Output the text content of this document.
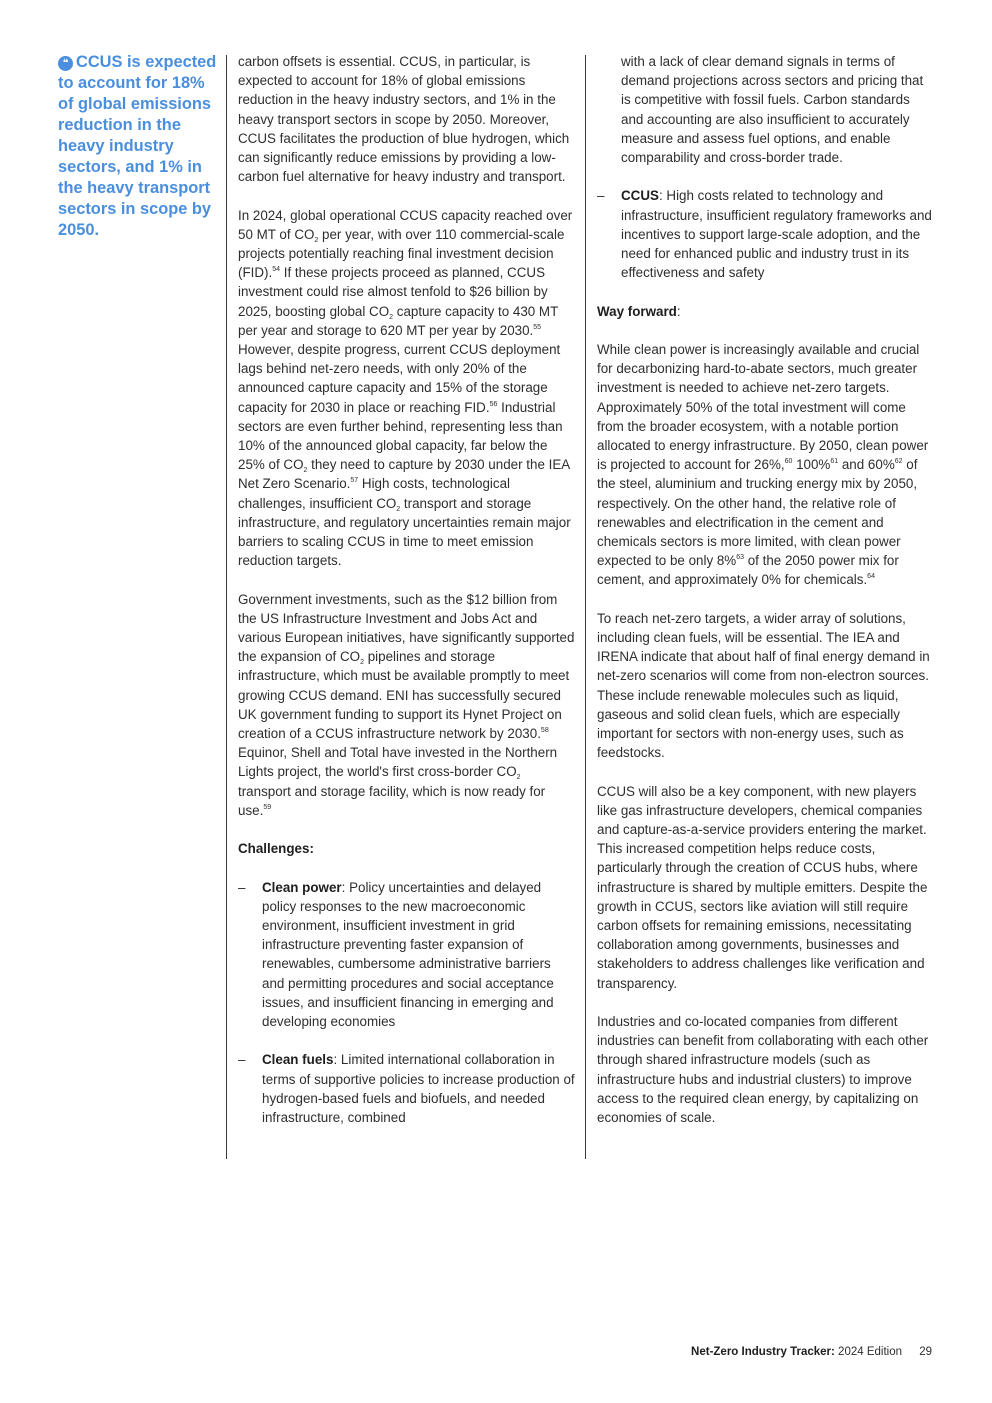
❝ CCUS is expected to account for 18% of global emissions reduction in the heavy industry sectors, and 1% in the heavy transport sectors in scope by 2050.

carbon offsets is essential. CCUS, in particular, is expected to account for 18% of global emissions reduction in the heavy industry sectors, and 1% in the heavy transport sectors in scope by 2050. Moreover, CCUS facilitates the production of blue hydrogen, which can significantly reduce emissions by providing a low-carbon fuel alternative for heavy industry and transport.

In 2024, global operational CCUS capacity reached over 50 MT of $CO_2$ per year, with over 110 commercial-scale projects potentially reaching final investment decision (FID).$^{54}$ If these projects proceed as planned, CCUS investment could rise almost tenfold to $26 billion by 2025, boosting global $CO_2$ capture capacity to 430 MT per year and storage to 620 MT per year by 2030.55 However, despite progress, current CCUS deployment lags behind net-zero needs, with only 20% of the announced capture capacity and 15% of the storage capacity for 2030 in place or reaching FID.$^{56}$ Industrial sectors are even further behind, representing less than 10% of the announced global capacity, far below the 25% of $CO_2$ they need to capture by 2030 under the IEA Net Zero Scenario.$^{57}$ High costs, technological challenges, insufficient $CO_2$ transport and storage infrastructure, and regulatory uncertainties remain major barriers to scaling CCUS in time to meet emission reduction targets.

Government investments, such as the $12 billion from the US Infrastructure Investment and Jobs Act and various European initiatives, have significantly supported the expansion of $CO_2$ pipelines and storage infrastructure, which must be available promptly to meet growing CCUS demand. ENI has successfully secured UK government funding to support its Hynet Project on creation of a CCUS infrastructure network by 2030.58 Equinor, Shell and Total have invested in the Northern Lights project, the world's first cross-border $CO_2$ transport and storage facility, which is now ready for use.$^{59}$

Challenges:

– Clean power: Policy uncertainties and delayed policy responses to the new macroeconomic environment, insufficient investment in grid infrastructure preventing faster expansion of renewables, cumbersome administrative barriers and permitting procedures and social acceptance issues, and insufficient financing in emerging and developing economies
– Clean fuels: Limited international collaboration in terms of supportive policies to increase production of hydrogen-based fuels and biofuels, and needed infrastructure, combined
with a lack of clear demand signals in terms of demand projections across sectors and pricing that is competitive with fossil fuels. Carbon standards and accounting are also insufficient to accurately measure and assess fuel options, and enable comparability and cross-border trade.
– CCUS: High costs related to technology and infrastructure, insufficient regulatory frameworks and incentives to support large-scale adoption, and the need for enhanced public and industry trust in its effectiveness and safety

Way forward:

While clean power is increasingly available and crucial for decarbonizing hard-to-abate sectors, much greater investment is needed to achieve net-zero targets. Approximately 50% of the total investment will come from the broader ecosystem, with a notable portion allocated to energy infrastructure. By 2050, clean power is projected to account for 26%,$^{60}$ 100%$^{61}$ and 60%$^{62}$ of the steel, aluminium and trucking energy mix by 2050, respectively. On the other hand, the relative role of renewables and electrification in the cement and chemicals sectors is more limited, with clean power expected to be only 8%$^{63}$ of the 2050 power mix for cement, and approximately 0% for chemicals.$^{64}$

To reach net-zero targets, a wider array of solutions, including clean fuels, will be essential. The IEA and IRENA indicate that about half of final energy demand in net-zero scenarios will come from non-electron sources. These include renewable molecules such as liquid, gaseous and solid clean fuels, which are especially important for sectors with non-energy uses, such as feedstocks.

CCUS will also be a key component, with new players like gas infrastructure developers, chemical companies and capture-as-a-service providers entering the market. This increased competition helps reduce costs, particularly through the creation of CCUS hubs, where infrastructure is shared by multiple emitters. Despite the growth in CCUS, sectors like aviation will still require carbon offsets for remaining emissions, necessitating collaboration among governments, businesses and stakeholders to address challenges like verification and transparency.

Industries and co-located companies from different industries can benefit from collaborating with each other through shared infrastructure models (such as infrastructure hubs and industrial clusters) to improve access to the required clean energy, by capitalizing on economies of scale.

Net-Zero Industry Tracker: 2024 Edition 29
